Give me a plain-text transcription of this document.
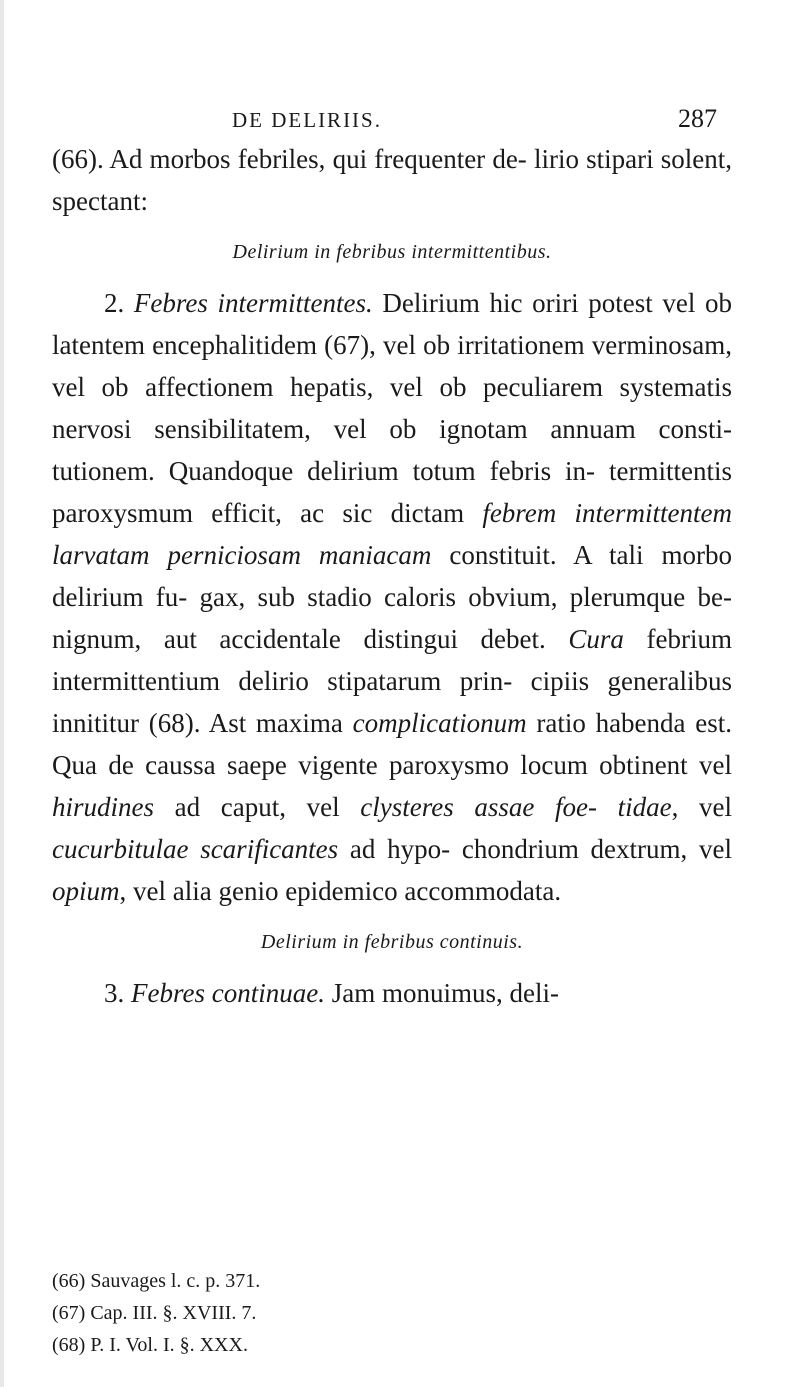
DE DELIRIIS.	287

(66). Ad morbos febriles, qui frequenter de- lirio stipari solent, spectant:

Delirium in febribus intermittentibus.

2. Febres intermittentes. Delirium hic oriri potest vel ob latentem encephalitidem (67), vel ob irritationem verminosam, vel ob affectionem hepatis, vel ob peculiarem systematis nervosi sensibilitatem, vel ob ignotam annuam consti- tutionem. Quandoque delirium totum febris in- termittentis paroxysmum efficit, ac sic dictam febrem intermittentem larvatam perniciosam maniacam constituit. A tali morbo delirium fu- gax, sub stadio caloris obvium, plerumque be- nignum, aut accidentale distingui debet. Cura febrium intermittentium delirio stipatarum prin- cipiis generalibus innititur (68). Ast maxima complicationum ratio habenda est. Qua de caussa saepe vigente paroxysmo locum obtinent vel hirudines ad caput, vel clysteres assae foe- tidae, vel cucurbitulae scarificantes ad hypo- chondrium dextrum, vel opium, vel alia genio epidemico accommodata.

Delirium in febribus continuis.

3. Febres continuae. Jam monuimus, deli-

(66) Sauvages l. c. p. 371.
(67) Cap. III. §. XVIII. 7.
(68) P. I. Vol. I. §. XXX.
